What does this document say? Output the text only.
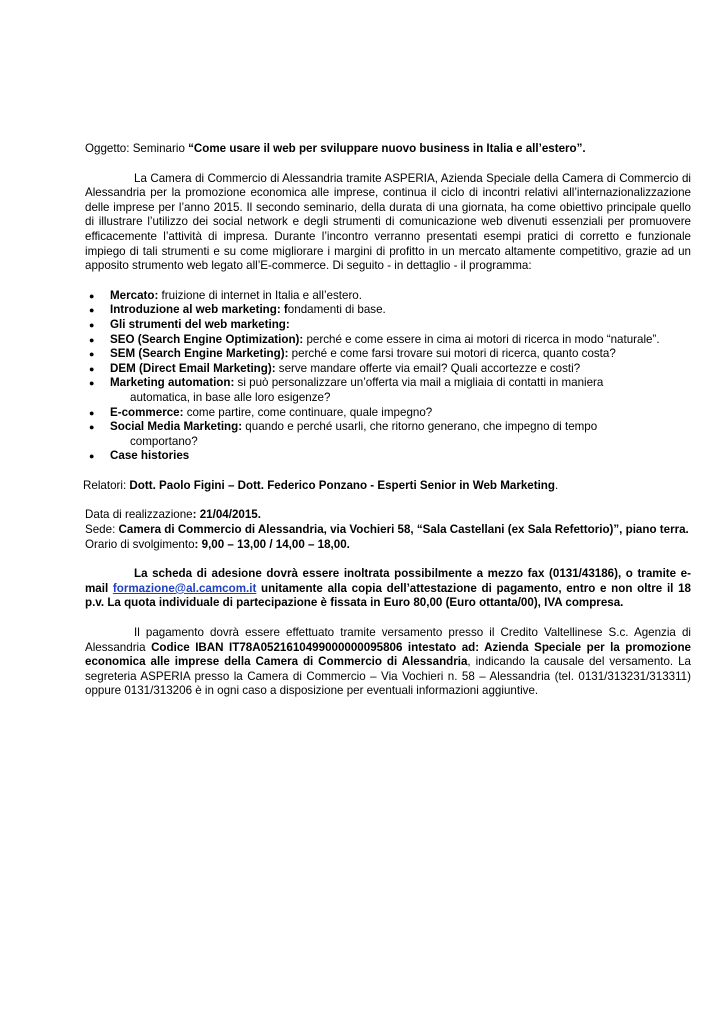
Oggetto: Seminario “Come usare il web per sviluppare nuovo business in Italia e all’estero”.

La Camera di Commercio di Alessandria tramite ASPERIA, Azienda Speciale della Camera di Commercio di Alessandria per la promozione economica alle imprese, continua il ciclo di incontri relativi all’internazionalizzazione delle imprese per l’anno 2015. Il secondo seminario, della durata di una giornata, ha come obiettivo principale quello di illustrare l’utilizzo dei social network e degli strumenti di comunicazione web divenuti essenziali per promuovere efficacemente l’attività di impresa. Durante l’incontro verranno presentati esempi pratici di corretto e funzionale impiego di tali strumenti e su come migliorare i margini di profitto in un mercato altamente competitivo, grazie ad un apposito strumento web legato all’E-commerce. Di seguito - in dettaglio - il programma:

● Mercato: fruizione di internet in Italia e all’estero.
● Introduzione al web marketing: fondamenti di base.
● Gli strumenti del web marketing:
● SEO (Search Engine Optimization): perché e come essere in cima ai motori di ricerca in modo “naturale”.
● SEM (Search Engine Marketing): perché e come farsi trovare sui motori di ricerca, quanto costa?
● DEM (Direct Email Marketing): serve mandare offerte via email? Quali accortezze e costi?
● Marketing automation: si può personalizzare un’offerta via mail a migliaia di contatti in maniera
automatica, in base alle loro esigenze?
● E-commerce: come partire, come continuare, quale impegno?
● Social Media Marketing: quando e perché usarli, che ritorno generano, che impegno di tempo
comportano?
● Case histories

Relatori: Dott. Paolo Figini – Dott. Federico Ponzano - Esperti Senior in Web Marketing.

Data di realizzazione: 21/04/2015.

Sede: Camera di Commercio di Alessandria, via Vochieri 58, “Sala Castellani (ex Sala Refettorio)”, piano terra.

Orario di svolgimento: 9,00 – 13,00 / 14,00 – 18,00.

La scheda di adesione dovrà essere inoltrata possibilmente a mezzo fax (0131/43186), o tramite e-mail formazione@al.camcom.it unitamente alla copia dell’attestazione di pagamento, entro e non oltre il 18 p.v. La quota individuale di partecipazione è fissata in Euro 80,00 (Euro ottanta/00), IVA compresa.

Il pagamento dovrà essere effettuato tramite versamento presso il Credito Valtellinese S.c. Agenzia di Alessandria Codice IBAN IT78A0521610499000000095806 intestato ad: Azienda Speciale per la promozione economica alle imprese della Camera di Commercio di Alessandria, indicando la causale del versamento. La segreteria ASPERIA presso la Camera di Commercio – Via Vochieri n. 58 – Alessandria (tel. 0131/313231/313311) oppure 0131/313206 è in ogni caso a disposizione per eventuali informazioni aggiuntive.
